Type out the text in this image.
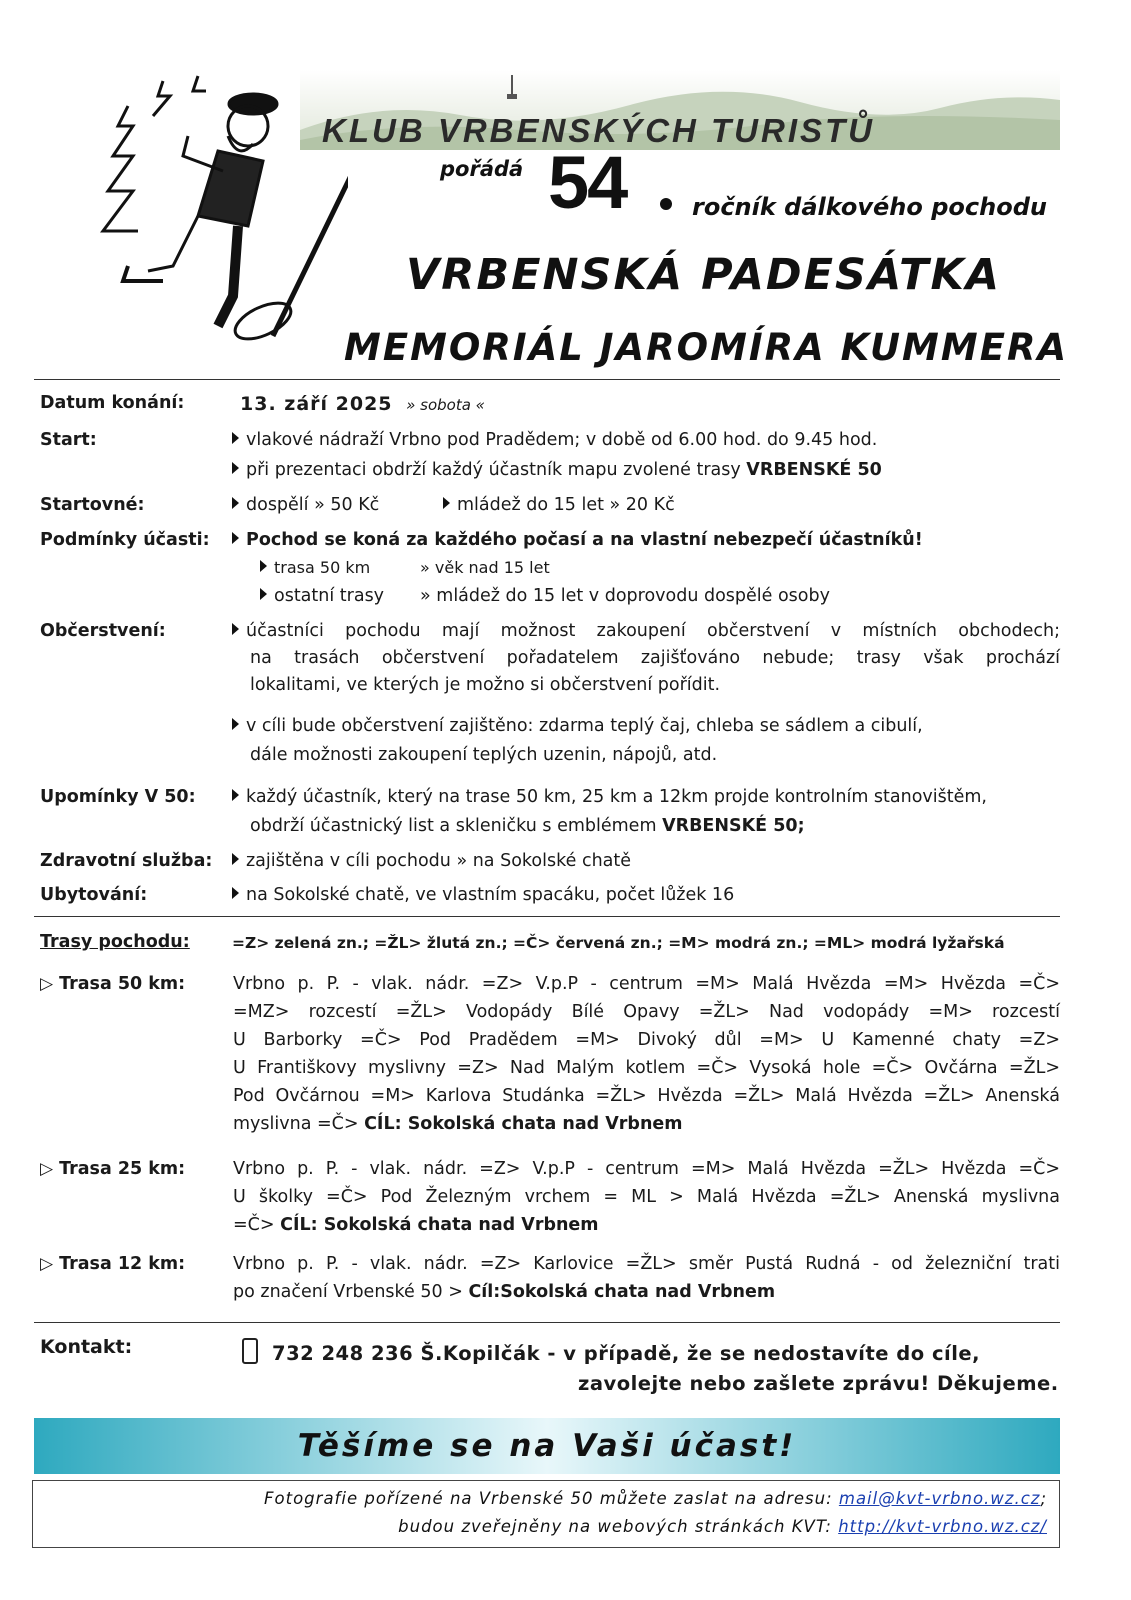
KLUB VRBENSKÝCH TURISTŮ
pořádá 54	ročník dálkového pochodu
VRBENSKÁ PADESÁTKA
MEMORIÁL JAROMÍRA KUMMERA
Datum konání:	13. září 2025 » sobota «
Start:	vlakové nádraží Vrbno pod Pradědem; v době od 6.00 hod. do 9.45 hod.
při prezentaci obdrží každý účastník mapu zvolené trasy VRBENSKÉ 50
Startovné:	dospělí » 50 Kč	mládež do 15 let » 20 Kč
Podmínky účasti:	Pochod se koná za každého počasí a na vlastní nebezpečí účastníků!
trasa 50 km	» věk nad 15 let
ostatní trasy » mládež do 15 let v doprovodu dospělé osoby
Občerstvení:	účastníci pochodu mají možnost zakoupení občerstvení v místních obchodech;
na trasách občerstvení pořadatelem zajišťováno nebude; trasy však prochází
lokalitami, ve kterých je možno si občerstvení pořídit.
v cíli bude občerstvení zajištěno: zdarma teplý čaj, chleba se sádlem a cibulí,
dále možnosti zakoupení teplých uzenin, nápojů, atd.
Upomínky V 50:	každý účastník, který na trase 50 km, 25 km a 12km projde kontrolním stanovištěm,
obdrží účastnický list a skleničku s emblémem VRBENSKÉ 50;
Zdravotní služba:	zajištěna v cíli pochodu » na Sokolské chatě
Ubytování:	na Sokolské chatě, ve vlastním spacáku, počet lůžek 16
Trasy pochodu:	=Z> zelená zn.; =ŽL> žlutá zn.; =Č> červená zn.; =M> modrá zn.; =ML> modrá lyžařská
▷ Trasa 50 km:	Vrbno p. P. - vlak. nádr. =Z> V.p.P - centrum =M> Malá Hvězda =M> Hvězda =Č>
=MZ> rozcestí =ŽL> Vodopády Bílé Opavy =ŽL> Nad vodopády =M> rozcestí
U Barborky =Č> Pod Pradědem =M> Divoký důl =M> U Kamenné chaty =Z>
U Františkovy myslivny =Z> Nad Malým kotlem =Č> Vysoká hole =Č> Ovčárna =ŽL>
Pod Ovčárnou =M> Karlova Studánka =ŽL> Hvězda =ŽL> Malá Hvězda =ŽL> Anenská
myslivna =Č> CÍL: Sokolská chata nad Vrbnem
▷ Trasa 25 km:	Vrbno p. P. - vlak. nádr. =Z> V.p.P - centrum =M> Malá Hvězda =ŽL> Hvězda =Č>
U školky =Č> Pod Železným vrchem = ML > Malá Hvězda =ŽL> Anenská myslivna
=Č> CÍL: Sokolská chata nad Vrbnem
▷ Trasa 12 km:	Vrbno p. P. - vlak. nádr. =Z> Karlovice =ŽL> směr Pustá Rudná - od železniční trati
po značení Vrbenské 50 > Cíl:Sokolská chata nad Vrbnem
Kontakt:	732 248 236 Š.Kopilčák - v případě, že se nedostavíte do cíle,
zavolejte nebo zašlete zprávu! Děkujeme.
Těšíme se na Vaši účast!
Fotografie pořízené na Vrbenské 50 můžete zaslat na adresu: mail@kvt-vrbno.wz.cz;
budou zveřejněny na webových stránkách KVT: http://kvt-vrbno.wz.cz/
